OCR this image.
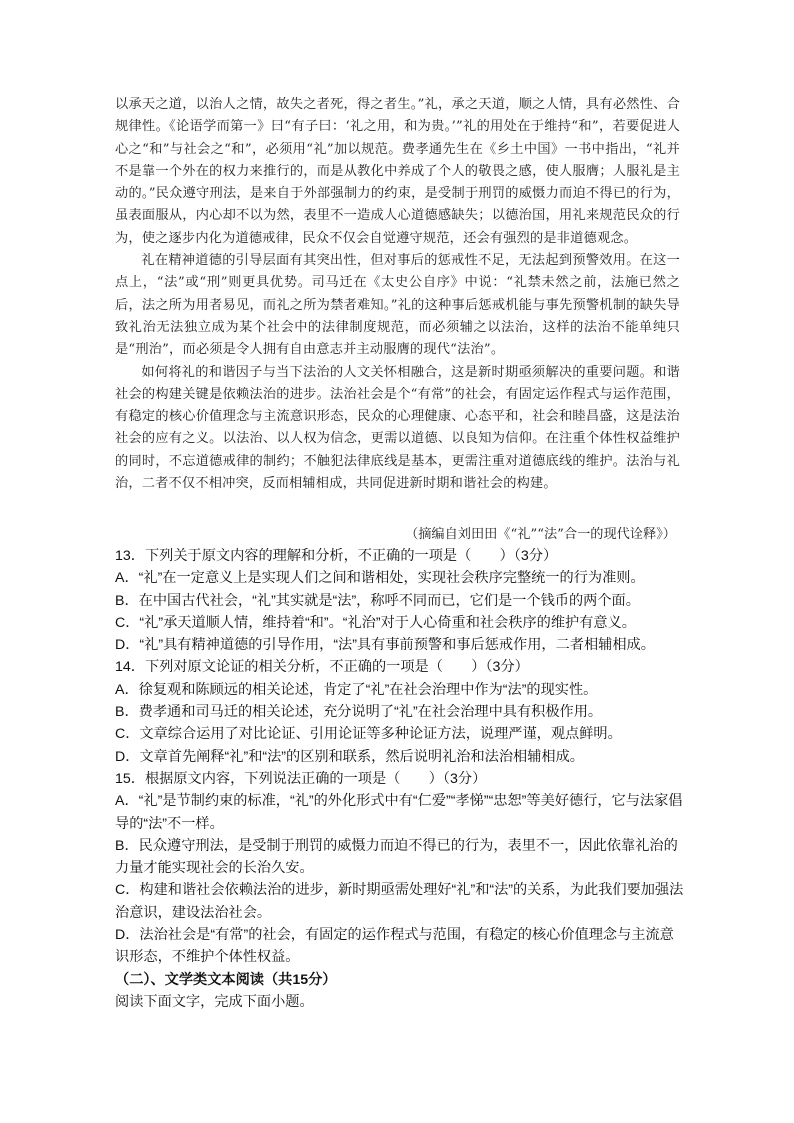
以承天之道，以治人之情，故失之者死，得之者生。”礼，承之天道，顺之人情，具有必然性、合规律性。《论语学而第一》曰“有子曰：‘礼之用，和为贵。’”礼的用处在于维持“和”，若要促进人心之“和”与社会之“和”，必须用“礼”加以规范。费孝通先生在《乡土中国》一书中指出，“礼并不是靠一个外在的权力来推行的，而是从教化中养成了个人的敬畏之感，使人服膺；人服礼是主动的。”民众遵守刑法，是来自于外部强制力的约束，是受制于刑罚的威慑力而迫不得已的行为，虽表面服从，内心却不以为然，表里不一造成人心道德感缺失；以德治国，用礼来规范民众的行为，使之逐步内化为道德戒律，民众不仅会自觉遵守规范，还会有强烈的是非道德观念。

礼在精神道德的引导层面有其突出性，但对事后的惩戒性不足，无法起到预警效用。在这一点上，“法”或“刑”则更具优势。司马迁在《太史公自序》中说：“礼禁未然之前，法施已然之后，法之所为用者易见，而礼之所为禁者难知。”礼的这种事后惩戒机能与事先预警机制的缺失导致礼治无法独立成为某个社会中的法律制度规范，而必须辅之以法治，这样的法治不能单纯只是“刑治”，而必须是令人拥有自由意志并主动服膺的现代“法治”。

如何将礼的和谐因子与当下法治的人文关怀相融合，这是新时期亟须解决的重要问题。和谐社会的构建关键是依赖法治的进步。法治社会是个“有常”的社会，有固定运作程式与运作范围，有稳定的核心价值理念与主流意识形态，民众的心理健康、心态平和，社会和睦昌盛，这是法治社会的应有之义。以法治、以人权为信念，更需以道德、以良知为信仰。在注重个体性权益维护的同时，不忘道德戒律的制约；不触犯法律底线是基本，更需注重对道德底线的维护。法治与礼治，二者不仅不相冲突，反而相辅相成，共同促进新时期和谐社会的构建。

（摘编自刘田田《“礼”“法”合一的现代诠释》）
13．下列关于原文内容的理解和分析，不正确的一项是（　　）（3分）
A．“礼”在一定意义上是实现人们之间和谐相处，实现社会秩序完整统一的行为准则。
B．在中国古代社会，“礼”其实就是“法”，称呼不同而已，它们是一个钱币的两个面。
C．“礼”承天道顺人情，维持着“和”。“礼治”对于人心倚重和社会秩序的维护有意义。
D．“礼”具有精神道德的引导作用，“法”具有事前预警和事后惩戒作用，二者相辅相成。
14．下列对原文论证的相关分析，不正确的一项是（　　）（3分）
A．徐复观和陈顾远的相关论述，肯定了“礼”在社会治理中作为“法”的现实性。
B．费孝通和司马迁的相关论述，充分说明了“礼”在社会治理中具有积极作用。
C．文章综合运用了对比论证、引用论证等多种论证方法，说理严谨，观点鲜明。
D．文章首先阐释“礼”和“法”的区别和联系，然后说明礼治和法治相辅相成。
15．根据原文内容，下列说法正确的一项是（　　）（3分）
A．“礼”是节制约束的标准，“礼”的外化形式中有“仁爱”“孝悌”“忠恕”等美好德行，它与法家倡导的“法”不一样。
B．民众遵守刑法，是受制于刑罚的威慑力而迫不得已的行为，表里不一，因此依靠礼治的力量才能实现社会的长治久安。
C．构建和谐社会依赖法治的进步，新时期亟需处理好“礼”和“法”的关系，为此我们要加强法治意识，建设法治社会。
D．法治社会是“有常”的社会，有固定的运作程式与范围，有稳定的核心价值理念与主流意识形态，不维护个体性权益。
（二）、文学类文本阅读（共15分）
阅读下面文字，完成下面小题。
